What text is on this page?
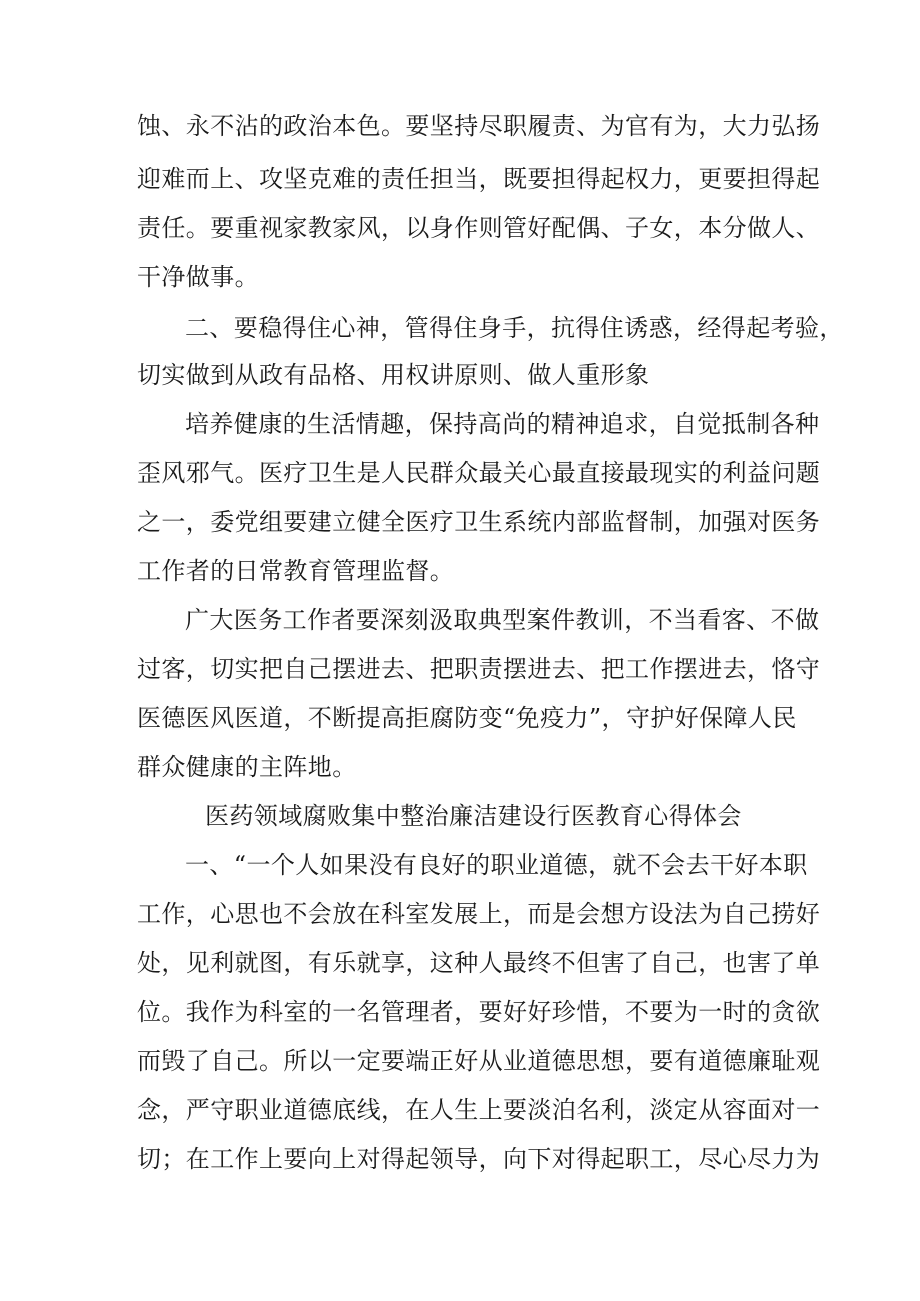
蚀、永不沾的政治本色。要坚持尽职履责、为官有为，大力弘扬
迎难而上、攻坚克难的责任担当，既要担得起权力，更要担得起
责任。要重视家教家风，以身作则管好配偶、子女，本分做人、
干净做事。
二、要稳得住心神，管得住身手，抗得住诱惑，经得起考验，
切实做到从政有品格、用权讲原则、做人重形象
培养健康的生活情趣，保持高尚的精神追求，自觉抵制各种
歪风邪气。医疗卫生是人民群众最关心最直接最现实的利益问题
之一，委党组要建立健全医疗卫生系统内部监督制，加强对医务
工作者的日常教育管理监督。
广大医务工作者要深刻汲取典型案件教训，不当看客、不做
过客，切实把自己摆进去、把职责摆进去、把工作摆进去，恪守
医德医风医道，不断提高拒腐防变“免疫力”，守护好保障人民
群众健康的主阵地。
医药领域腐败集中整治廉洁建设行医教育心得体会
一、“一个人如果没有良好的职业道德，就不会去干好本职
工作，心思也不会放在科室发展上，而是会想方设法为自己捞好
处，见利就图，有乐就享，这种人最终不但害了自己，也害了单
位。我作为科室的一名管理者，要好好珍惜，不要为一时的贪欲
而毁了自己。所以一定要端正好从业道德思想，要有道德廉耻观
念，严守职业道德底线，在人生上要淡泊名利，淡定从容面对一
切；在工作上要向上对得起领导，向下对得起职工，尽心尽力为
